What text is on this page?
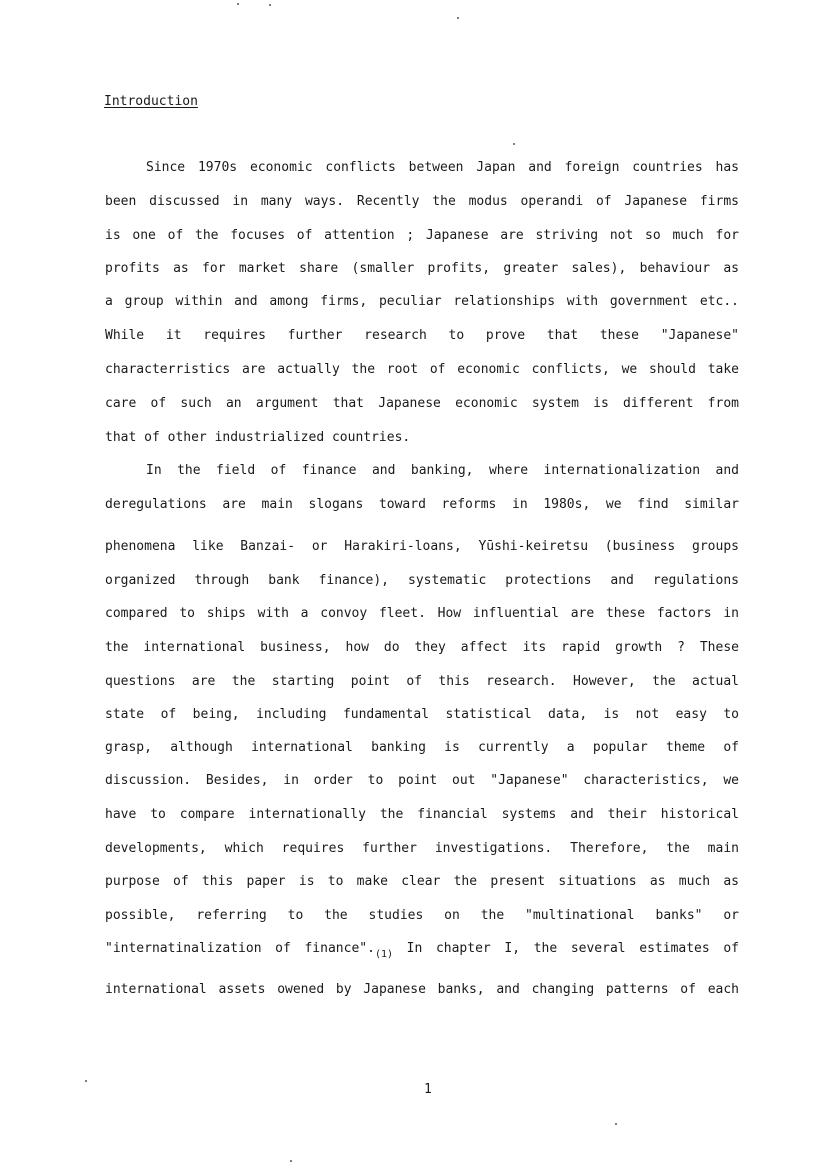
Introduction
Since 1970s economic conflicts between Japan and foreign countries has
been discussed in many ways. Recently the modus operandi of Japanese firms
is one of the focuses of attention ; Japanese are striving not so much for
profits as for market share (smaller profits, greater sales), behaviour as
a group within and among firms, peculiar relationships with government etc..
While it requires further research to prove that these "Japanese"
characterristics are actually the root of economic conflicts, we should take
care of such an argument that Japanese economic system is different from
that of other industrialized countries.
In the field of finance and banking, where internationalization and
deregulations are main slogans toward reforms in 1980s, we find similar
phenomena like Banzai- or Harakiri-loans, Yūshi-keiretsu (business groups
organized through bank finance), systematic protections and regulations
compared to ships with a convoy fleet. How influential are these factors in
the international business, how do they affect its rapid growth ? These
questions are the starting point of this research. However, the actual
state of being, including fundamental statistical data, is not easy to
grasp, although international banking is currently a popular theme of
discussion. Besides, in order to point out "Japanese" characteristics, we
have to compare internationally the financial systems and their historical
developments, which requires further investigations. Therefore, the main
purpose of this paper is to make clear the present situations as much as
possible, referring to the studies on the "multinational banks" or
"internatinalization of $finance"._{(1)}$ In chapter I, the several estimates of
international assets owened by Japanese banks, and changing patterns of each
1
